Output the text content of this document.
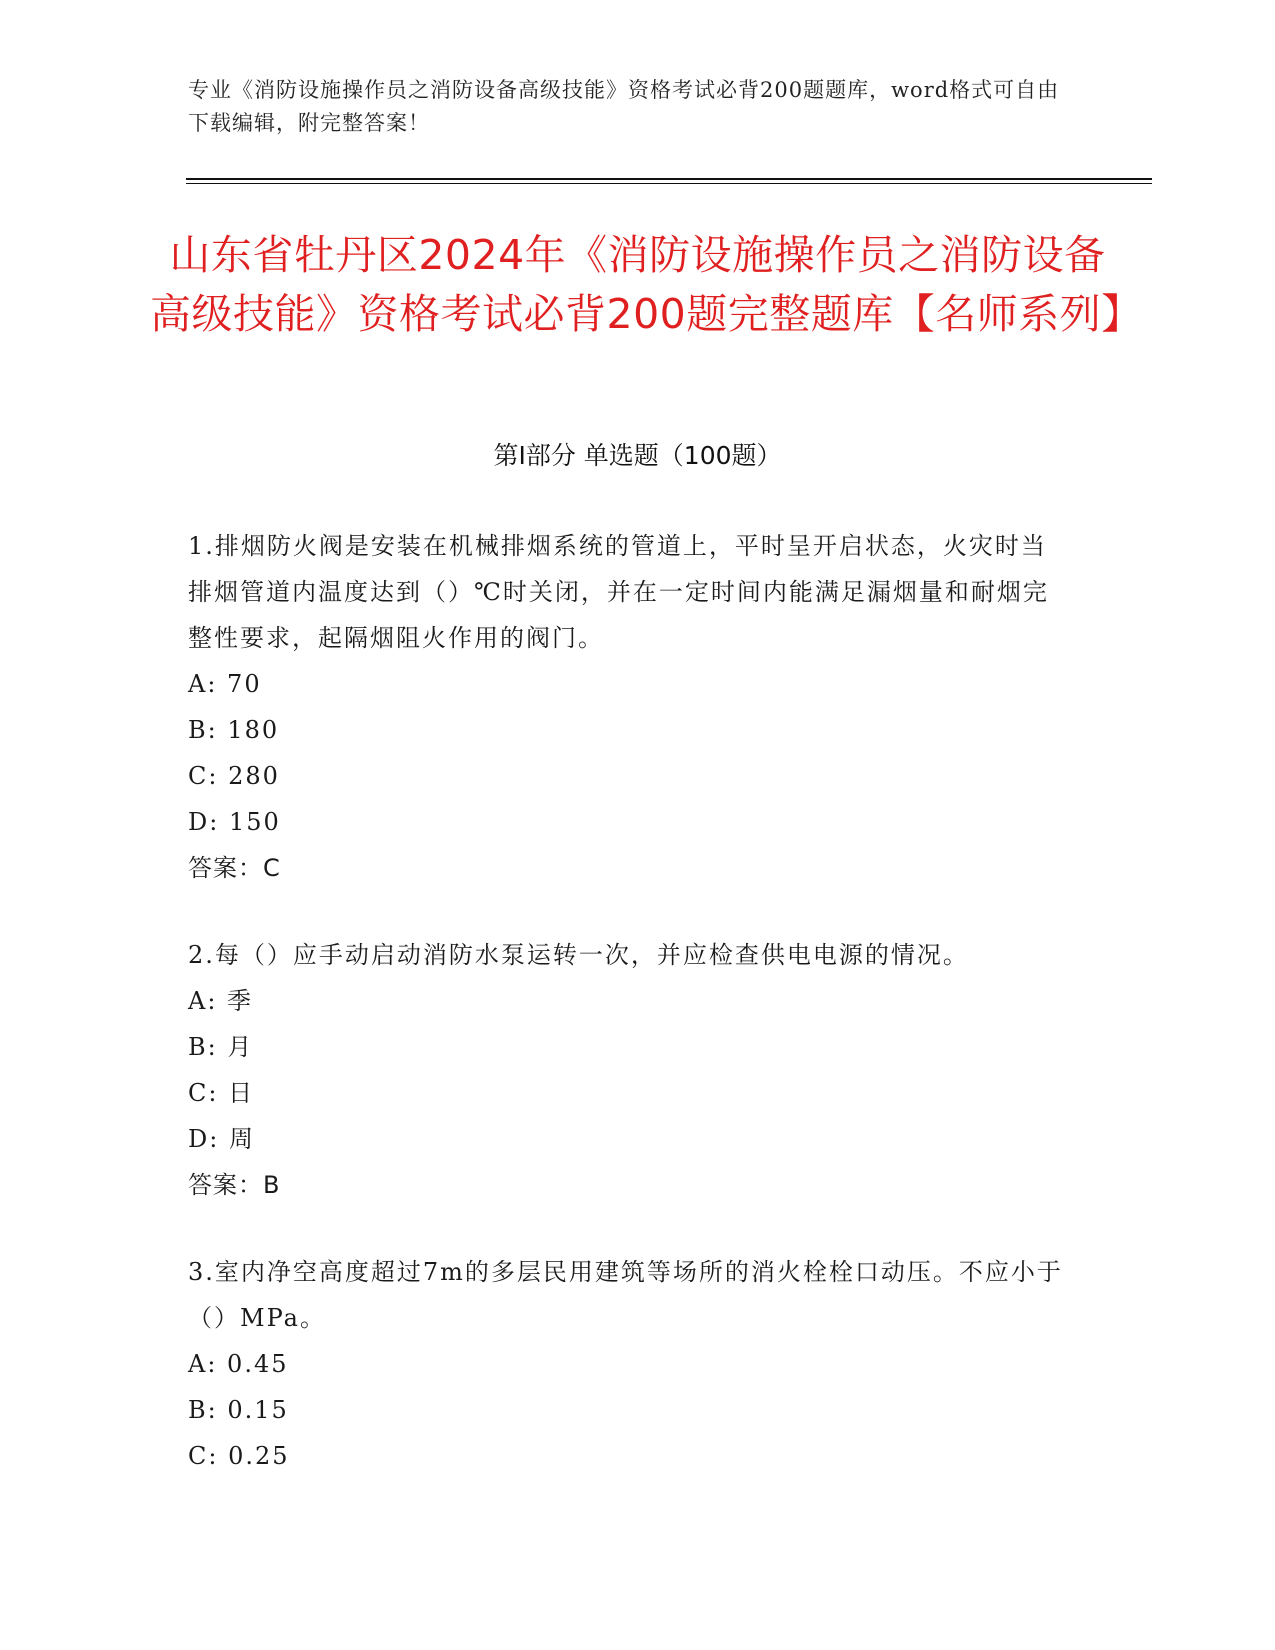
专业《消防设施操作员之消防设备高级技能》资格考试必背200题题库，word格式可自由下载编辑，附完整答案！
山东省牡丹区2024年《消防设施操作员之消防设备高级技能》资格考试必背200题完整题库【名师系列】
第I部分 单选题（100题）

1.排烟防火阀是安装在机械排烟系统的管道上，平时呈开启状态，火灾时当排烟管道内温度达到（）℃时关闭，并在一定时间内能满足漏烟量和耐烟完整性要求，起隔烟阻火作用的阀门。

A: 70

B: 180

C: 280

D: 150

答案：C

2.每（）应手动启动消防水泵运转一次，并应检查供电电源的情况。

A: 季

B: 月

C: 日

D: 周

答案：B

3.室内净空高度超过7m的多层民用建筑等场所的消火栓栓口动压。不应小于（）MPa。

A: 0.45

B: 0.15

C: 0.25
